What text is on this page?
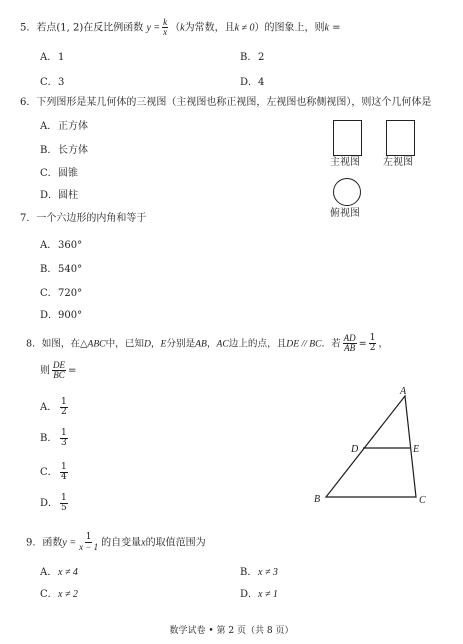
5．若点(1, 2)在反比例函数 $y = \frac{k}{x} (k$为常数，且k ≠ 0）的图象上，则k =
A．1	B．2
C．3	D．4
6．下列图形是某几何体的三视图（主视图也称正视图，左视图也称侧视图），则这个几何体是
A．正方体
B．长方体
C．圆锥
D．圆柱
主视图 左视图
俯视图
7．一个六边形的内角和等于
A．360°
B．540°
C．720°
D．900°
8．如图，在△ABC中，已知D，E分别是AB，AC边上的点，且DE // BC．若 $\frac{AD}{AB} = \frac{1}{2}$ ，
则 $\frac{DE}{BC}$ =
A． $\frac{1}{2}$
B． $\frac{1}{3}$
C． $\frac{1}{4}$
D． $\frac{1}{5}$
A
B	C
D	E
9．函数$y = \frac{1}{x - 1}$ 的自变量x的取值范围为
A．x ≠ 4	B．x ≠ 3
C．x ≠ 2	D．x ≠ 1
数学试卷 • 第 2 页（共 8 页）
